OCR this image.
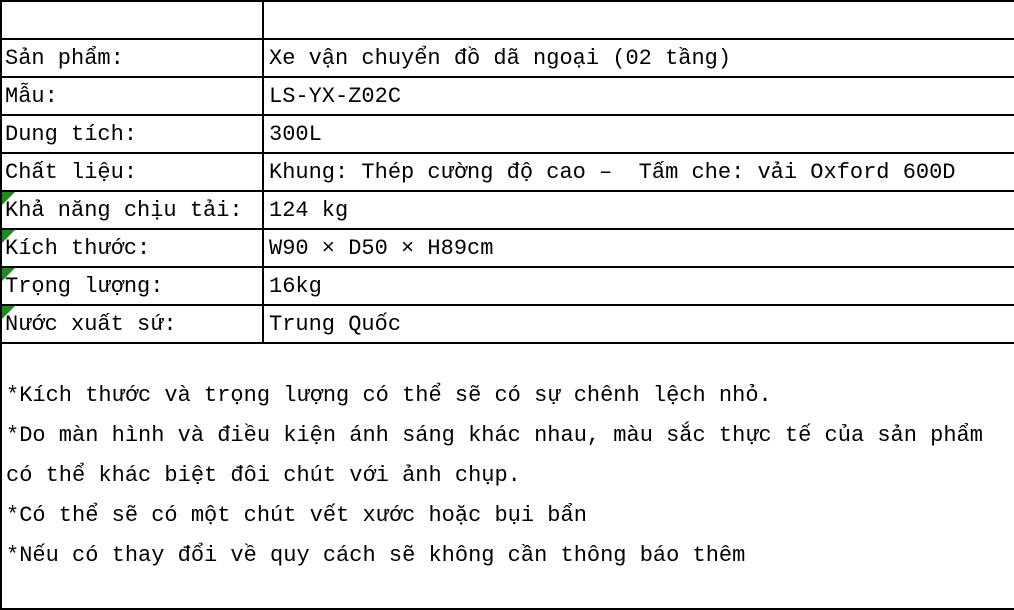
Sản phẩm:	Xe vận chuyển đồ dã ngoại (02 tầng)
Mẫu:	LS-YX-Z02C
Dung tích:	300L
Chất liệu:	Khung: Thép cường độ cao –  Tấm che: vải Oxford 600D

Khả năng chịu tải:	124 kg

Kích thước:	W90 × D50 × H89cm

Trọng lượng:	16kg

Nước xuất sứ:	Trung Quốc

*Kích thước và trọng lượng có thể sẽ có sự chênh lệch nhỏ.

*Do màn hình và điều kiện ánh sáng khác nhau, màu sắc thực tế của sản phẩm có thể khác biệt đôi chút với ảnh chụp.

*Có thể sẽ có một chút vết xước hoặc bụi bẩn

*Nếu có thay đổi về quy cách sẽ không cần thông báo thêm	
